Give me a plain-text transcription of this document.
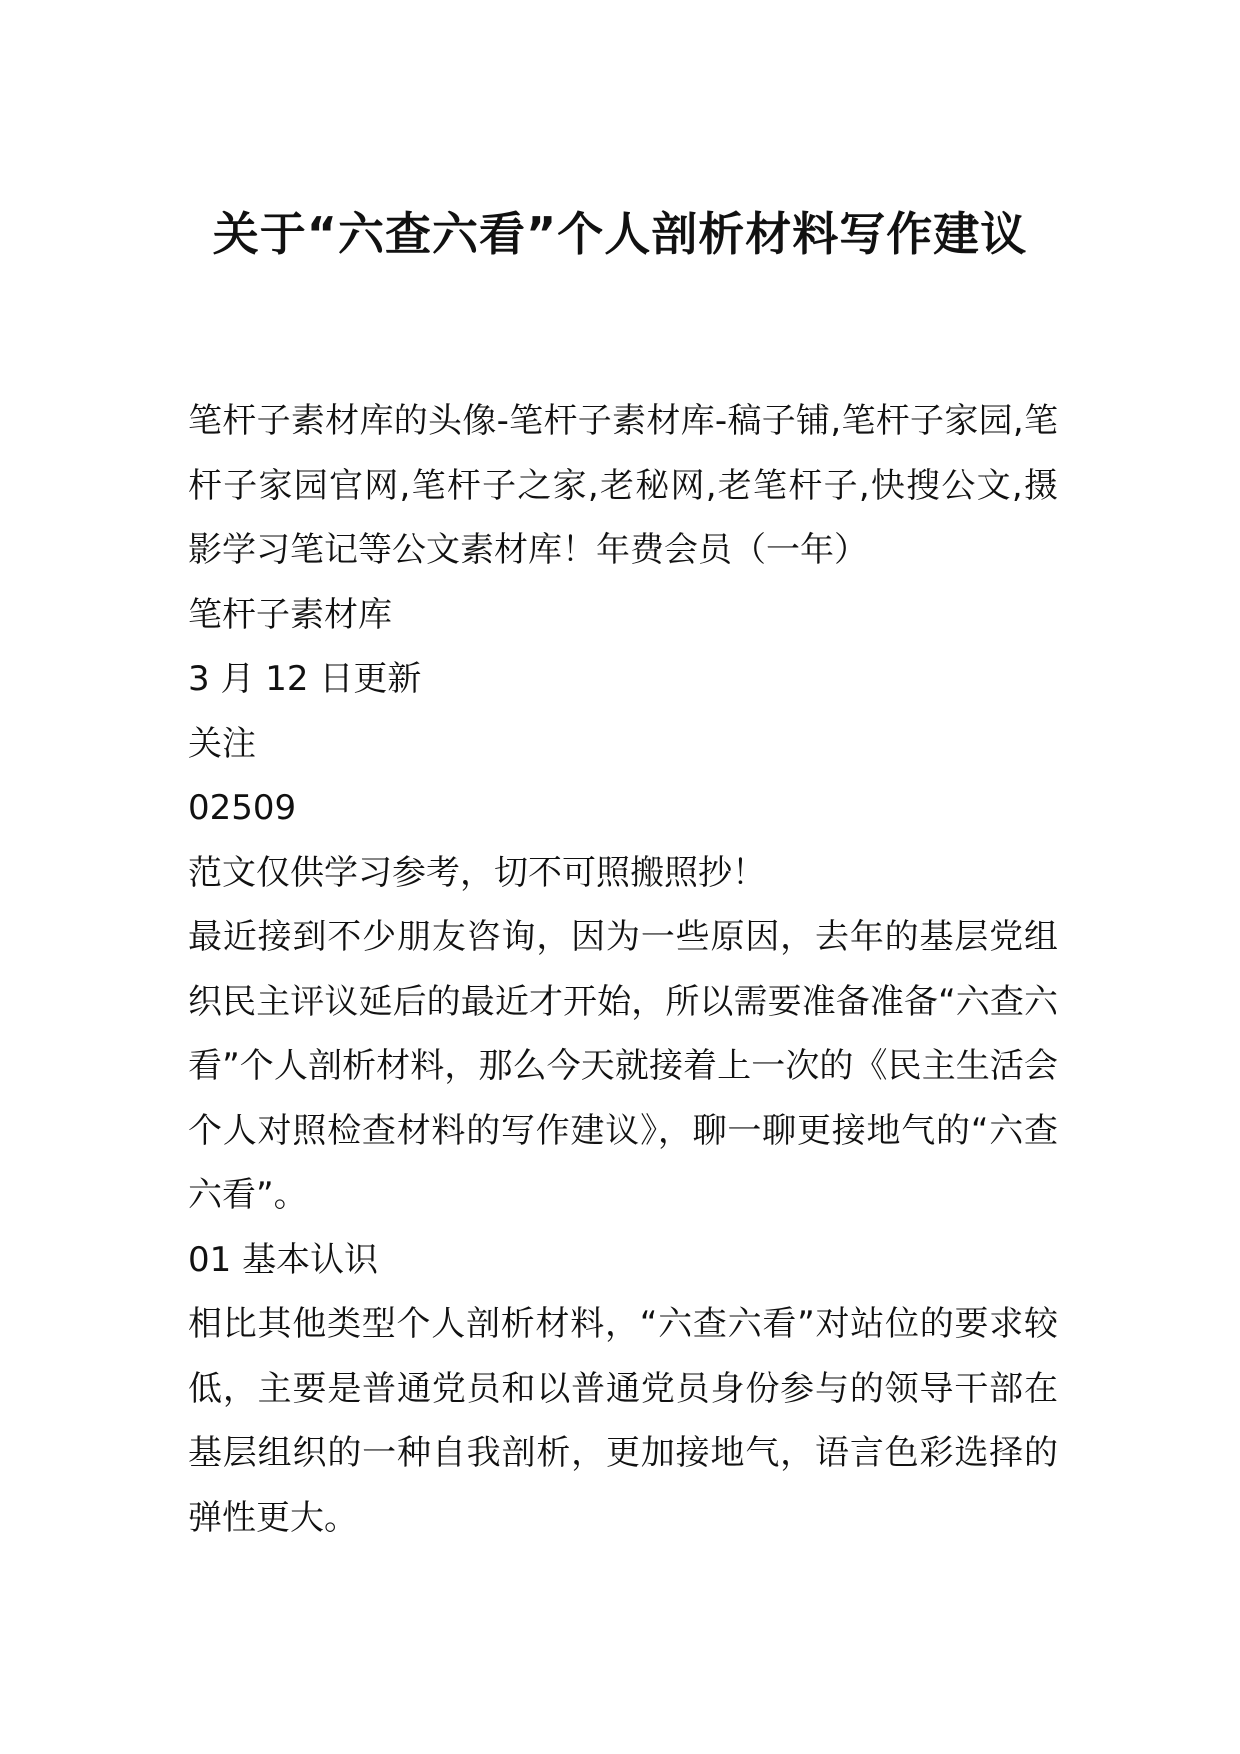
关于“六查六看”个人剖析材料写作建议

笔杆子素材库的头像-笔杆子素材库-稿子铺,笔杆子家园,笔杆子家园官网,笔杆子之家,老秘网,老笔杆子,快搜公文,摄影学习笔记等公文素材库！年费会员（一年）

笔杆子素材库

3 月 12 日更新

关注

02509

范文仅供学习参考，切不可照搬照抄！

最近接到不少朋友咨询，因为一些原因，去年的基层党组织民主评议延后的最近才开始，所以需要准备准备“六查六看”个人剖析材料，那么今天就接着上一次的《民主生活会个人对照检查材料的写作建议》，聊一聊更接地气的“六查六看”。

01 基本认识

相比其他类型个人剖析材料，“六查六看”对站位的要求较低，主要是普通党员和以普通党员身份参与的领导干部在基层组织的一种自我剖析，更加接地气，语言色彩选择的弹性更大。
